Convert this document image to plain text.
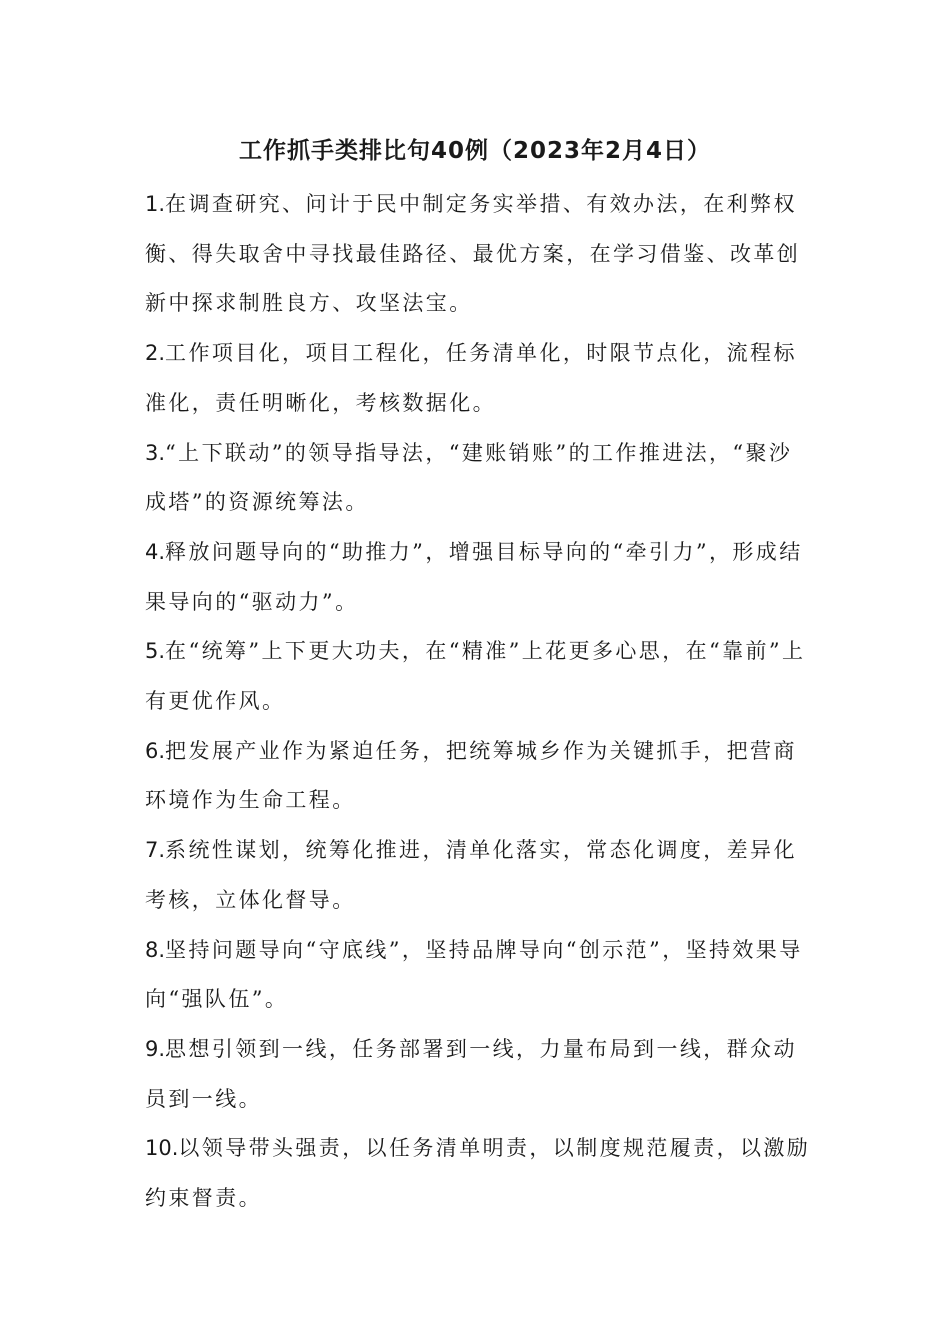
工作抓手类排比句40例（2023年2月4日）

1.在调查研究、问计于民中制定务实举措、有效办法，在利弊权衡、得失取舍中寻找最佳路径、最优方案，在学习借鉴、改革创新中探求制胜良方、攻坚法宝。

2.工作项目化，项目工程化，任务清单化，时限节点化，流程标准化，责任明晰化，考核数据化。

3.“上下联动”的领导指导法，“建账销账”的工作推进法，“聚沙成塔”的资源统筹法。

4.释放问题导向的“助推力”，增强目标导向的“牵引力”，形成结果导向的“驱动力”。

5.在“统筹”上下更大功夫，在“精准”上花更多心思，在“靠前”上有更优作风。

6.把发展产业作为紧迫任务，把统筹城乡作为关键抓手，把营商环境作为生命工程。

7.系统性谋划，统筹化推进，清单化落实，常态化调度，差异化考核，立体化督导。

8.坚持问题导向“守底线”，坚持品牌导向“创示范”，坚持效果导向“强队伍”。

9.思想引领到一线，任务部署到一线，力量布局到一线，群众动员到一线。

10.以领导带头强责，以任务清单明责，以制度规范履责，以激励约束督责。
